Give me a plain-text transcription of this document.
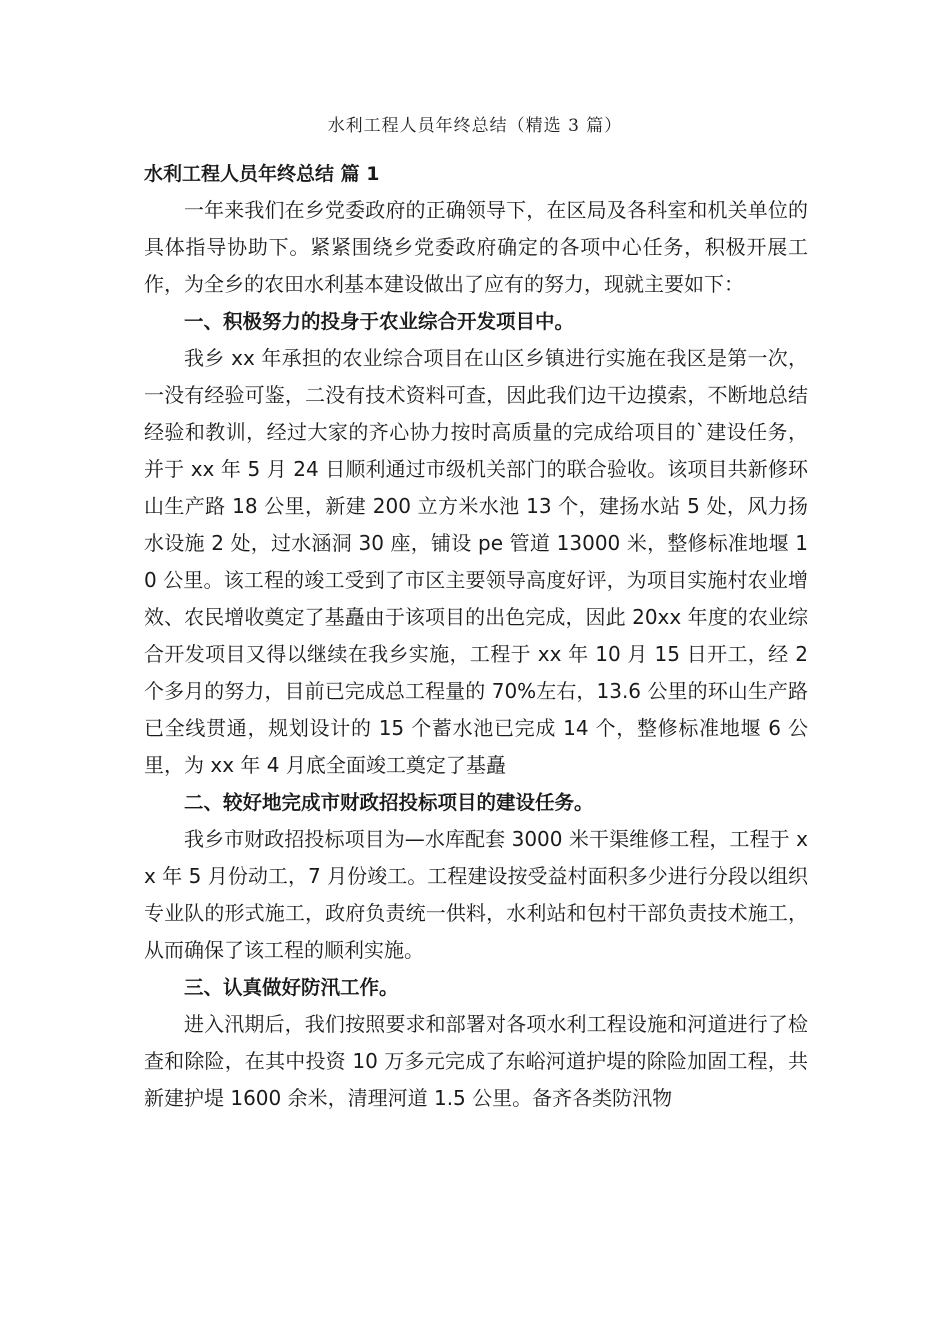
水利工程人员年终总结（精选 3 篇）

水利工程人员年终总结 篇 1

一年来我们在乡党委政府的正确领导下，在区局及各科室和机关单位的具体指导协助下。紧紧围绕乡党委政府确定的各项中心任务，积极开展工作，为全乡的农田水利基本建设做出了应有的努力，现就主要如下：

一、积极努力的投身于农业综合开发项目中。

我乡 xx 年承担的农业综合项目在山区乡镇进行实施在我区是第一次，一没有经验可鉴，二没有技术资料可查，因此我们边干边摸索，不断地总结经验和教训，经过大家的齐心协力按时高质量的完成给项目的`建设任务，并于 xx 年 5 月 24 日顺利通过市级机关部门的联合验收。该项目共新修环山生产路 18 公里，新建 200 立方米水池 13 个，建扬水站 5 处，风力扬水设施 2 处，过水涵洞 30 座，铺设 pe 管道 13000 米，整修标准地堰 10 公里。该工程的竣工受到了市区主要领导高度好评，为项目实施村农业增效、农民增收奠定了基矗由于该项目的出色完成，因此 20xx 年度的农业综合开发项目又得以继续在我乡实施，工程于 xx 年 10 月 15 日开工，经 2 个多月的努力，目前已完成总工程量的 70%左右，13.6 公里的环山生产路已全线贯通，规划设计的 15 个蓄水池已完成 14 个，整修标准地堰 6 公里，为 xx 年 4 月底全面竣工奠定了基矗

二、较好地完成市财政招投标项目的建设任务。

我乡市财政招投标项目为—水库配套 3000 米干渠维修工程，工程于 xx 年 5 月份动工，7 月份竣工。工程建设按受益村面积多少进行分段以组织专业队的形式施工，政府负责统一供料，水利站和包村干部负责技术施工，从而确保了该工程的顺利实施。

三、认真做好防汛工作。

进入汛期后，我们按照要求和部署对各项水利工程设施和河道进行了检查和除险，在其中投资 10 万多元完成了东峪河道护堤的除险加固工程，共新建护堤 1600 余米，清理河道 1.5 公里。备齐各类防汛物
